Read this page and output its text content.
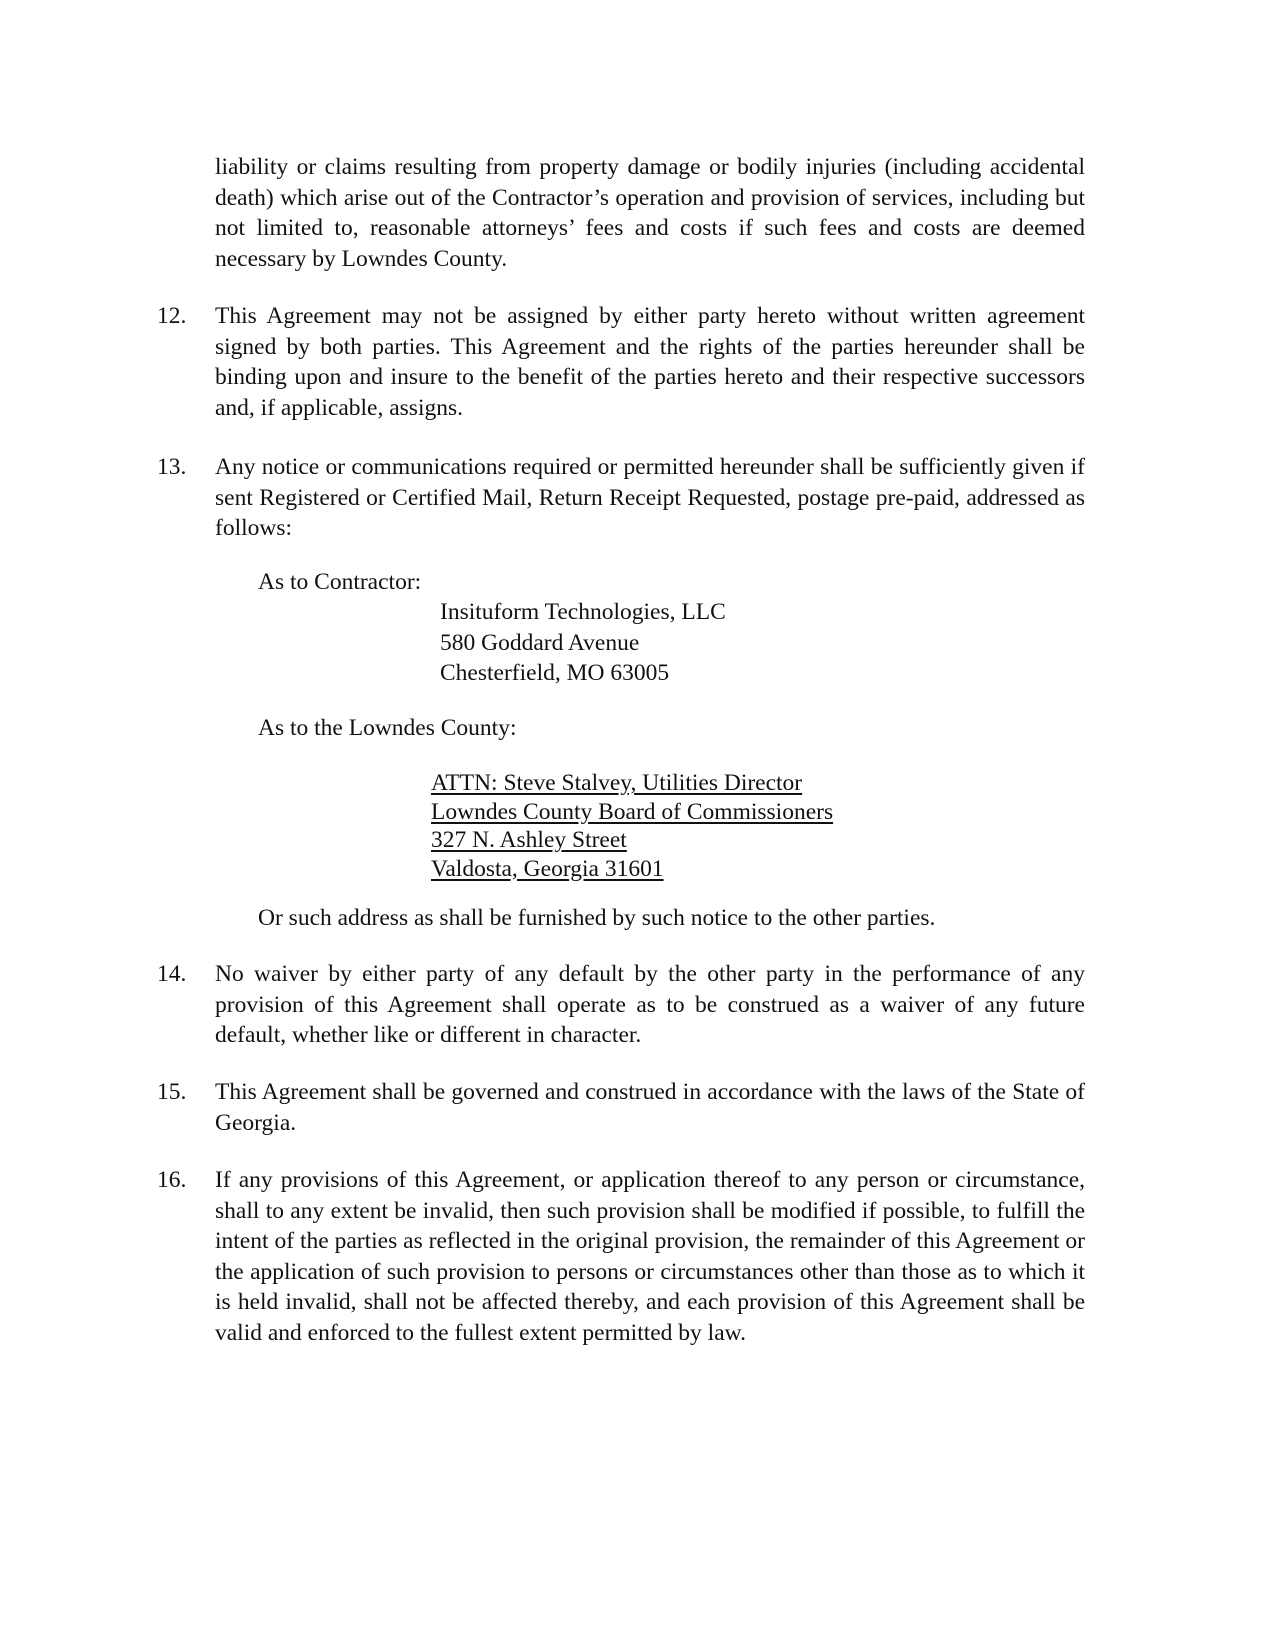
liability or claims resulting from property damage or bodily injuries (including accidental death) which arise out of the Contractor’s operation and provision of services, including but not limited to, reasonable attorneys’ fees and costs if such fees and costs are deemed necessary by Lowndes County.
12. This Agreement may not be assigned by either party hereto without written agreement signed by both parties. This Agreement and the rights of the parties hereunder shall be binding upon and insure to the benefit of the parties hereto and their respective successors and, if applicable, assigns.
13. Any notice or communications required or permitted hereunder shall be sufficiently given if sent Registered or Certified Mail, Return Receipt Requested, postage pre-paid, addressed as follows:
As to Contractor:
Insituform Technologies, LLC
580 Goddard Avenue
Chesterfield, MO 63005
As to the Lowndes County:
ATTN: Steve Stalvey, Utilities Director
Lowndes County Board of Commissioners
327 N. Ashley Street
Valdosta, Georgia 31601
Or such address as shall be furnished by such notice to the other parties.
14. No waiver by either party of any default by the other party in the performance of any provision of this Agreement shall operate as to be construed as a waiver of any future default, whether like or different in character.
15. This Agreement shall be governed and construed in accordance with the laws of the State of Georgia.
16. If any provisions of this Agreement, or application thereof to any person or circumstance, shall to any extent be invalid, then such provision shall be modified if possible, to fulfill the intent of the parties as reflected in the original provision, the remainder of this Agreement or the application of such provision to persons or circumstances other than those as to which it is held invalid, shall not be affected thereby, and each provision of this Agreement shall be valid and enforced to the fullest extent permitted by law.
